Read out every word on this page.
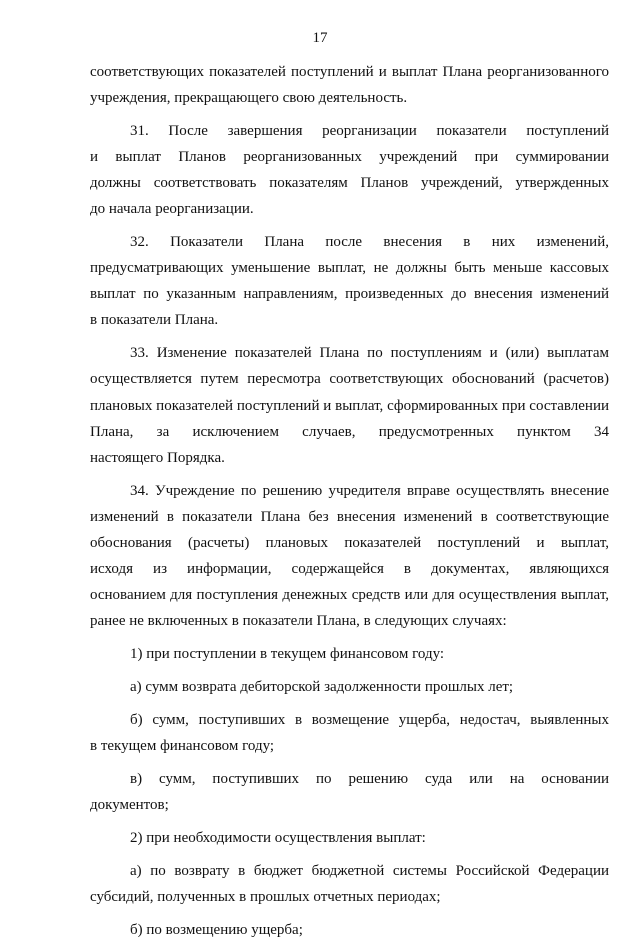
17
соответствующих показателей поступлений и выплат Плана реорганизованного
учреждения, прекращающего свою деятельность.
31. После завершения реорганизации показатели поступлений
и выплат Планов реорганизованных учреждений при суммировании
должны соответствовать показателям Планов учреждений, утвержденных
до начала реорганизации.
32. Показатели Плана после внесения в них изменений,
предусматривающих уменьшение выплат, не должны быть меньше кассовых
выплат по указанным направлениям, произведенных до внесения изменений
в показатели Плана.
33. Изменение показателей Плана по поступлениям и (или) выплатам
осуществляется путем пересмотра соответствующих обоснований (расчетов)
плановых показателей поступлений и выплат, сформированных при составлении
Плана, за исключением случаев, предусмотренных пунктом 34
настоящего Порядка.
34. Учреждение по решению учредителя вправе осуществлять внесение
изменений в показатели Плана без внесения изменений в соответствующие
обоснования (расчеты) плановых показателей поступлений и выплат,
исходя из информации, содержащейся в документах, являющихся
основанием для поступления денежных средств или для осуществления выплат,
ранее не включенных в показатели Плана, в следующих случаях:
1) при поступлении в текущем финансовом году:
а) сумм возврата дебиторской задолженности прошлых лет;
б) сумм, поступивших в возмещение ущерба, недостач, выявленных
в текущем финансовом году;
в) сумм, поступивших по решению суда или на основании
документов;
2) при необходимости осуществления выплат:
а) по возврату в бюджет бюджетной системы Российской Федерации
субсидий, полученных в прошлых отчетных периодах;
б) по возмещению ущерба;
